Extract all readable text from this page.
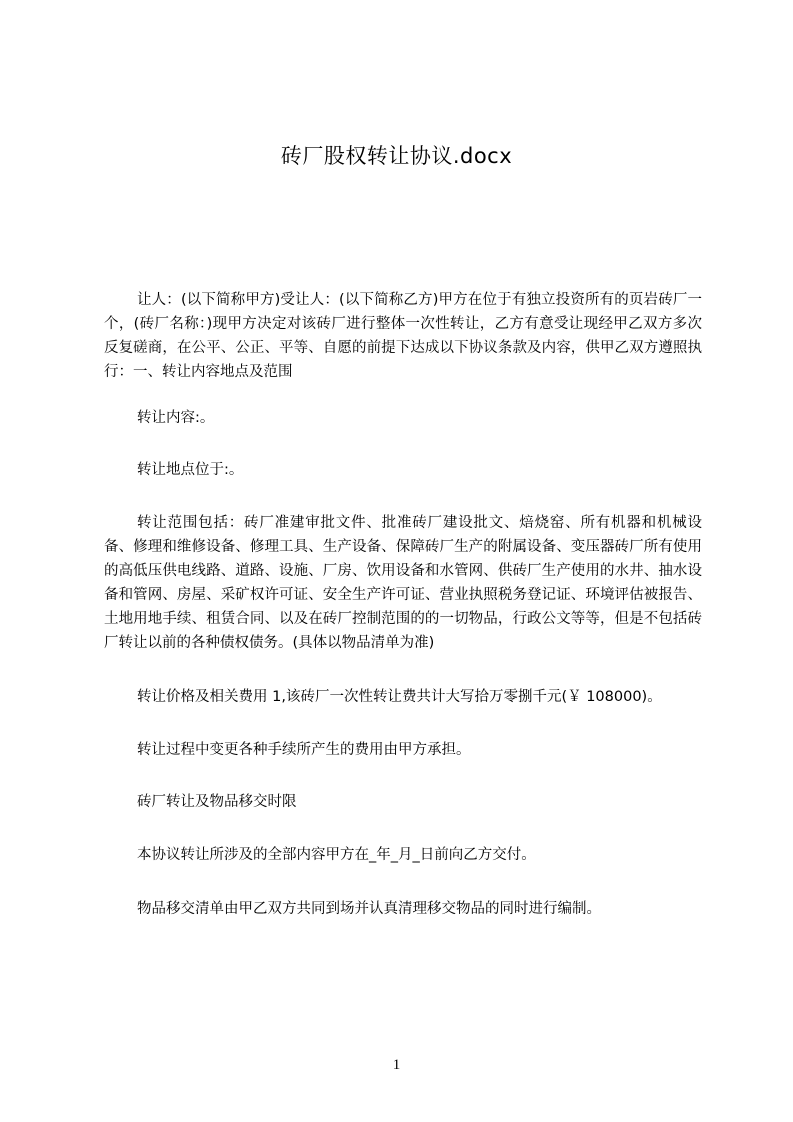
砖厂股权转让协议.docx

让人：(以下简称甲方)受让人：(以下简称乙方)甲方在位于有独立投资所有的页岩砖厂一个，(砖厂名称：)现甲方决定对该砖厂进行整体一次性转让，乙方有意受让现经甲乙双方多次反复磋商，在公平、公正、平等、自愿的前提下达成以下协议条款及内容，供甲乙双方遵照执行：一、转让内容地点及范围

转让内容:。

转让地点位于:。

转让范围包括：砖厂准建审批文件、批准砖厂建设批文、焙烧窑、所有机器和机械设备、修理和维修设备、修理工具、生产设备、保障砖厂生产的附属设备、变压器砖厂所有使用的高低压供电线路、道路、设施、厂房、饮用设备和水管网、供砖厂生产使用的水井、抽水设备和管网、房屋、采矿权许可证、安全生产许可证、营业执照税务登记证、环境评估被报告、土地用地手续、租赁合同、以及在砖厂控制范围的的一切物品，行政公文等等，但是不包括砖厂转让以前的各种债权债务。(具体以物品清单为准)

转让价格及相关费用 1,该砖厂一次性转让费共计大写拾万零捌千元(￥ 108000)。

转让过程中变更各种手续所产生的费用由甲方承担。

砖厂转让及物品移交时限

本协议转让所涉及的全部内容甲方在_年_月_日前向乙方交付。

物品移交清单由甲乙双方共同到场并认真清理移交物品的同时进行编制。

1
